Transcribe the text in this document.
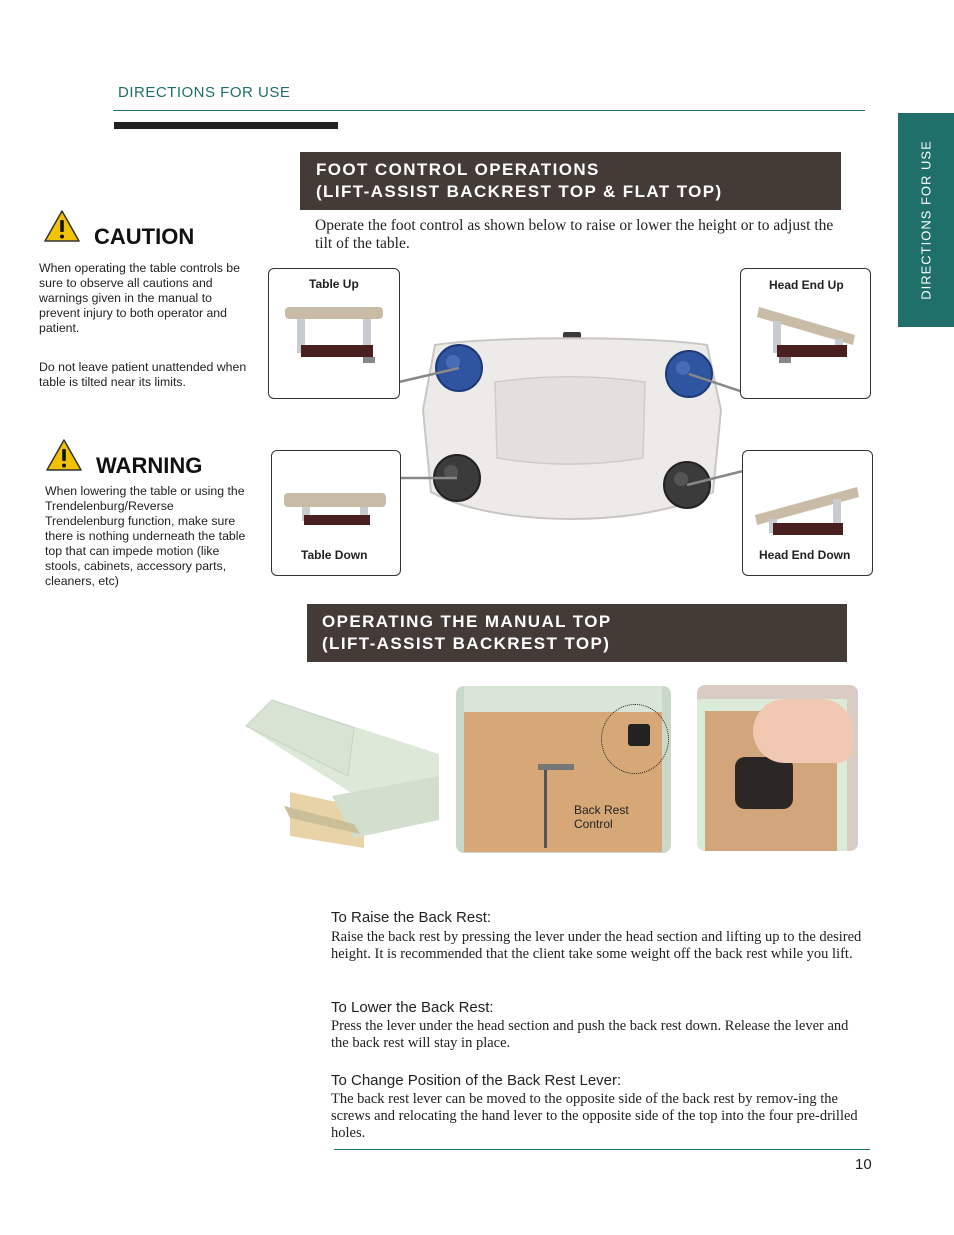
DIRECTIONS FOR USE
DIRECTIONS FOR USE
FOOT CONTROL OPERATIONS
(LIFT-ASSIST BACKREST TOP & FLAT TOP)
Operate the foot control as shown below to raise or lower the height or to adjust the tilt of the table.
CAUTION
When operating the table controls be sure to observe all cautions and warnings given in the manual to prevent injury to both operator and patient.
Do not leave patient unattended when table is tilted near its limits.
WARNING
When lowering the table or using the Trendelenburg/Reverse Trendelenburg function, make sure there is nothing underneath the table top that can impede motion (like stools, cabinets, accessory parts, cleaners, etc)
Table Up	Head End Up
Table Down	Head End Down
OPERATING THE MANUAL TOP
(LIFT-ASSIST BACKREST TOP)
Back Rest
Control
To Raise the Back Rest:
Raise the back rest by pressing the lever under the head section and lifting up to the desired height. It is recommended that the client take some weight off the back rest while you lift.
To Lower the Back Rest:
Press the lever under the head section and push the back rest down. Release the lever and the back rest will stay in place.
To Change Position of the Back Rest Lever:
The back rest lever can be moved to the opposite side of the back rest by remov-ing the screws and relocating the hand lever to the opposite side of the top into the four pre-drilled holes.
10
